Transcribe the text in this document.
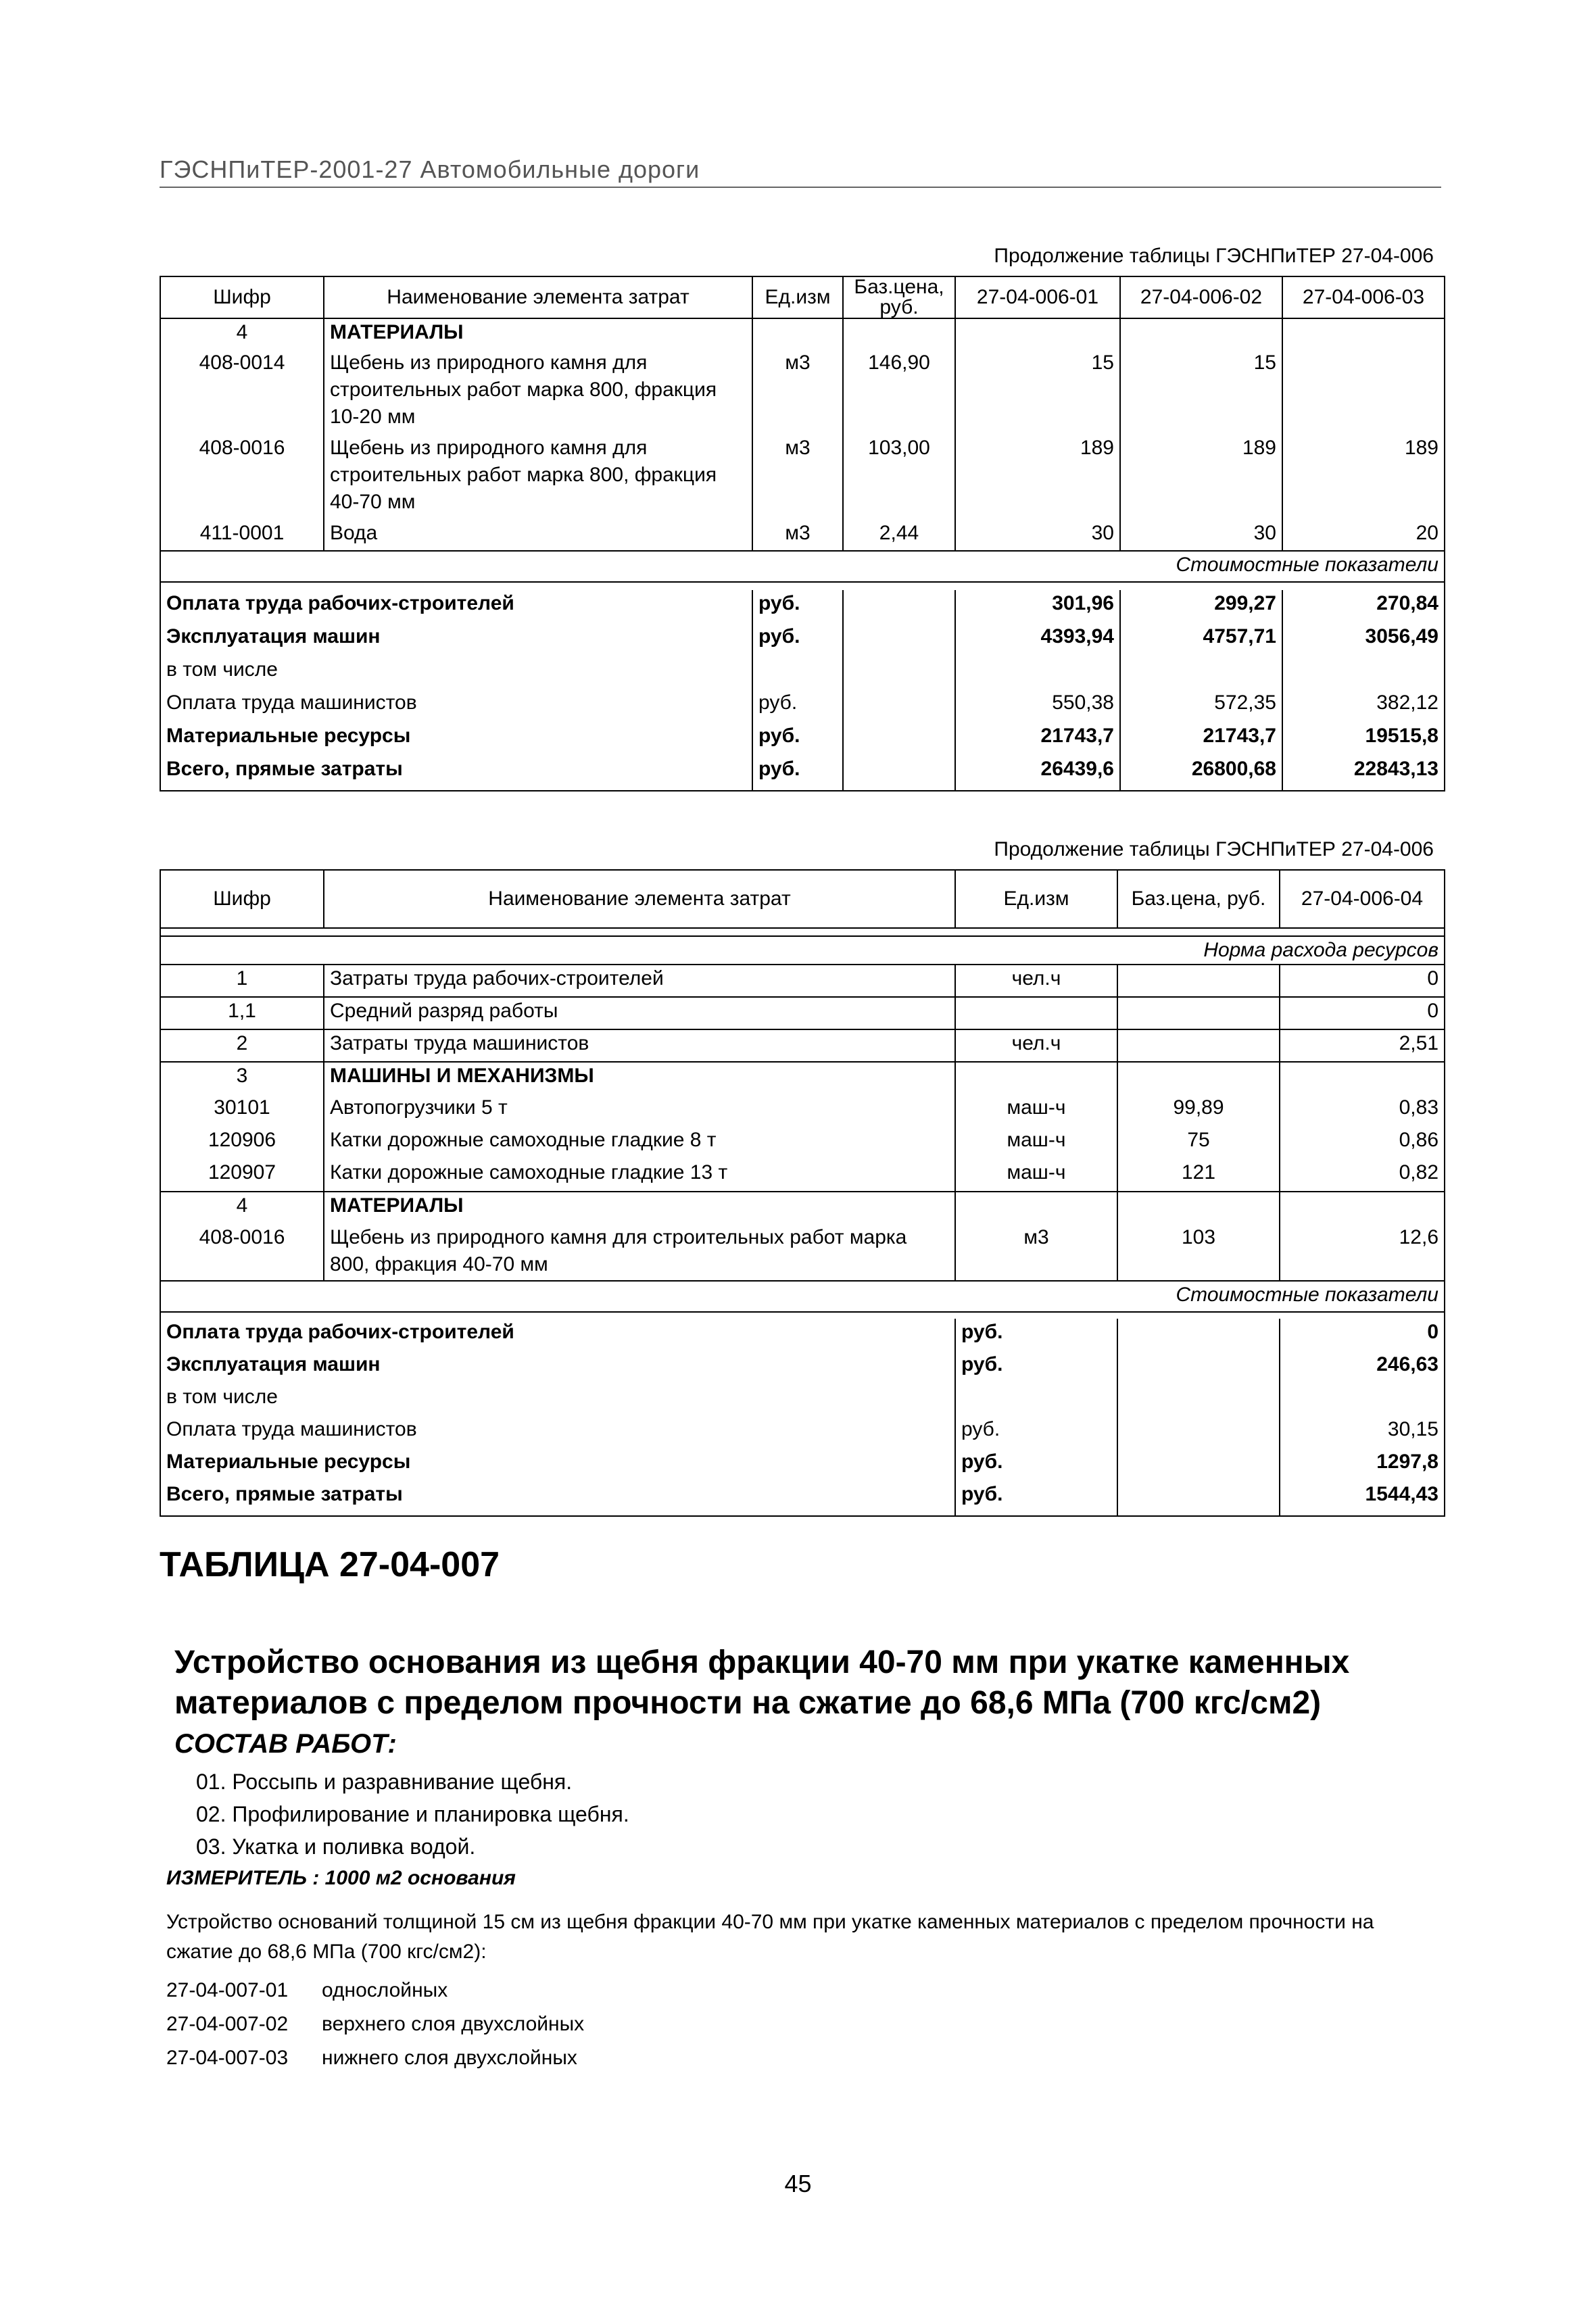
ГЭСНПиТЕР-2001-27 Автомобильные дороги
Продолжение таблицы ГЭСНПиТЕР 27-04-006
Шифр	Наименование элемента затрат	Ед.изм	Баз.цена, руб.	27-04-006-01	27-04-006-02	27-04-006-03
4	МАТЕРИАЛЫ					
408-0014	Щебень из природного камня для строительных работ марка 800, фракция 10-20 мм	м3	146,90	15	15	
408-0016	Щебень из природного камня для строительных работ марка 800, фракция 40-70 мм	м3	103,00	189	189	189
411-0001	Вода	м3	2,44	30	30	20
Стоимостные показатели						

Оплата труда рабочих-строителей		руб.		301,96	299,27	270,84
Эксплуатация машин		руб.		4393,94	4757,71	3056,49
в том числе						
Оплата труда машинистов		руб.		550,38	572,35	382,12
Материальные ресурсы		руб.		21743,7	21743,7	19515,8
Всего, прямые затраты		руб.		26439,6	26800,68	22843,13
Продолжение таблицы ГЭСНПиТЕР 27-04-006
Шифр	Наименование элемента затрат	Ед.изм	Баз.цена, руб.	27-04-006-04

Норма расхода ресурсов				
1	Затраты труда рабочих-строителей	чел.ч		0
1,1	Средний разряд работы			0
2	Затраты труда машинистов	чел.ч		2,51
3	МАШИНЫ И МЕХАНИЗМЫ			
30101	Автопогрузчики 5 т	маш-ч	99,89	0,83
120906	Катки дорожные самоходные гладкие 8 т	маш-ч	75	0,86
120907	Катки дорожные самоходные гладкие 13 т	маш-ч	121	0,82
4	МАТЕРИАЛЫ			
408-0016	Щебень из природного камня для строительных работ марка 800, фракция 40-70 мм	м3	103	12,6
Стоимостные показатели				

Оплата труда рабочих-строителей		руб.		0
Эксплуатация машин		руб.		246,63
в том числе				
Оплата труда машинистов		руб.		30,15
Материальные ресурсы		руб.		1297,8
Всего, прямые затраты		руб.		1544,43
ТАБЛИЦА 27-04-007
Устройство основания из щебня фракции 40-70 мм при укатке каменных материалов с пределом прочности на сжатие до 68,6 МПа (700 кгс/см2)
СОСТАВ РАБОТ:
01. Россыпь и разравнивание щебня.
02. Профилирование и планировка щебня.
03. Укатка и поливка водой.
ИЗМЕРИТЕЛЬ : 1000 м2 основания
Устройство оснований толщиной 15 см из щебня фракции 40-70 мм при укатке каменных материалов с пределом прочности на сжатие до 68,6 МПа (700 кгс/см2):
27-04-007-01 однослойных
27-04-007-02 верхнего слоя двухслойных
27-04-007-03 нижнего слоя двухслойных
45
